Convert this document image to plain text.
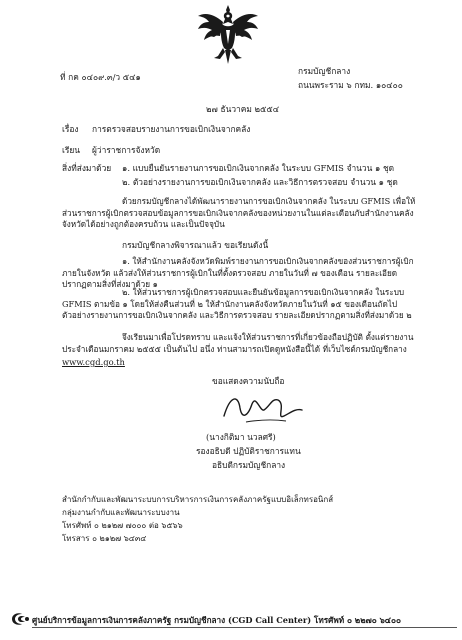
ที่ กค ๐๔๐๙.๓/ว ๕๔๑
กรมบัญชีกลาง
ถนนพระราม ๖ กทม. ๑๐๔๐๐
๒๗ ธันวาคม ๒๕๕๔
เรื่อง การตรวจสอบรายงานการขอเบิกเงินจากคลัง
เรียน ผู้ว่าราชการจังหวัด
สิ่งที่ส่งมาด้วย ๑. แบบยืนยันรายงานการขอเบิกเงินจากคลัง ในระบบ GFMIS จำนวน ๑ ชุด
๒. ตัวอย่างรายงานการขอเบิกเงินจากคลัง และวิธีการตรวจสอบ จำนวน ๑ ชุด
ด้วยกรมบัญชีกลางได้พัฒนารายงานการขอเบิกเงินจากคลัง ในระบบ GFMIS เพื่อให้ส่วนราชการผู้เบิกตรวจสอบข้อมูลการขอเบิกเงินจากคลังของหน่วยงานในแต่ละเดือนกับสำนักงานคลังจังหวัดได้อย่างถูกต้องครบถ้วน และเป็นปัจจุบัน
กรมบัญชีกลางพิจารณาแล้ว ขอเรียนดังนี้
๑. ให้สำนักงานคลังจังหวัดพิมพ์รายงานการขอเบิกเงินจากคลังของส่วนราชการผู้เบิกภายในจังหวัด แล้วส่งให้ส่วนราชการผู้เบิกในที่ตั้งตรวจสอบ ภายในวันที่ ๗ ของเดือน รายละเอียดปรากฏตามสิ่งที่ส่งมาด้วย ๑
๒. ให้ส่วนราชการผู้เบิกตรวจสอบและยืนยันข้อมูลการขอเบิกเงินจากคลัง ในระบบ GFMIS ตามข้อ ๑ โดยให้ส่งคืนส่วนที่ ๒ ให้สำนักงานคลังจังหวัดภายในวันที่ ๑๕ ของเดือนถัดไป ตัวอย่างรายงานการขอเบิกเงินจากคลัง และวิธีการตรวจสอบ รายละเอียดปรากฏตามสิ่งที่ส่งมาด้วย ๒
จึงเรียนมาเพื่อโปรดทราบ และแจ้งให้ส่วนราชการที่เกี่ยวข้องถือปฏิบัติ ตั้งแต่รายงานประจำเดือนมกราคม ๒๕๕๕ เป็นต้นไป อนึ่ง ท่านสามารถเปิดดูหนังสือนี้ได้ ที่เว็บไซต์กรมบัญชีกลาง
www.cgd.go.th
ขอแสดงความนับถือ
(นางกิติมา นวลศรี)
รองอธิบดี ปฏิบัติราชการแทน
อธิบดีกรมบัญชีกลาง
สำนักกำกับและพัฒนาระบบการบริหารการเงินการคลังภาครัฐแบบอิเล็กทรอนิกส์
กลุ่มงานกำกับและพัฒนาระบบงาน
โทรศัพท์ ๐ ๒๑๒๗ ๗๐๐๐ ต่อ ๖๕๖๖
โทรสาร ๐ ๒๑๒๗ ๖๔๓๔
ศูนย์บริการข้อมูลการเงินการคลังภาครัฐ กรมบัญชีกลาง (CGD Call Center) โทรศัพท์ ๐ ๒๒๗๐ ๖๔๐๐
